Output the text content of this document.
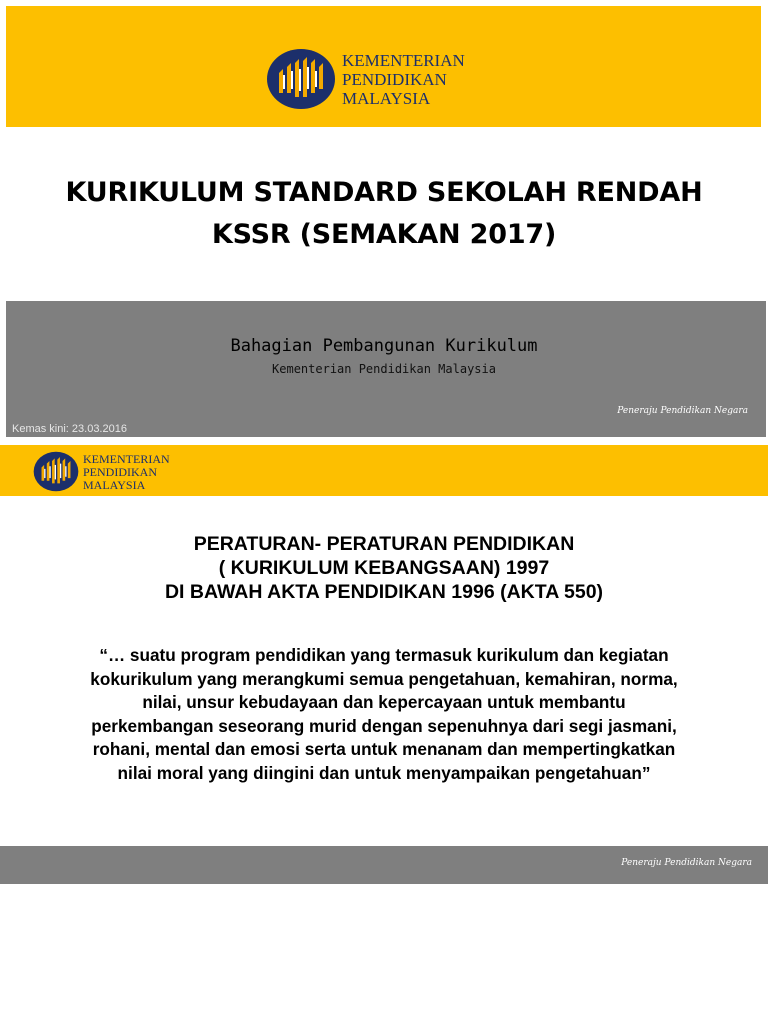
KEMENTERIAN
PENDIDIKAN
MALAYSIA
KURIKULUM STANDARD SEKOLAH RENDAH
KSSR (SEMAKAN 2017)
Bahagian Pembangunan Kurikulum
Kementerian Pendidikan Malaysia
Peneraju Pendidikan Negara
Kemas kini: 23.03.2016
KEMENTERIAN
PENDIDIKAN
MALAYSIA
PERATURAN- PERATURAN PENDIDIKAN
( KURIKULUM KEBANGSAAN) 1997
DI BAWAH AKTA PENDIDIKAN 1996 (AKTA 550)
“… suatu program pendidikan yang termasuk kurikulum dan kegiatan
kokurikulum yang merangkumi semua pengetahuan, kemahiran, norma,
nilai, unsur kebudayaan dan kepercayaan untuk membantu
perkembangan seseorang murid dengan sepenuhnya dari segi jasmani,
rohani, mental dan emosi serta untuk menanam dan mempertingkatkan
nilai moral yang diingini dan untuk menyampaikan pengetahuan”
Peneraju Pendidikan Negara
